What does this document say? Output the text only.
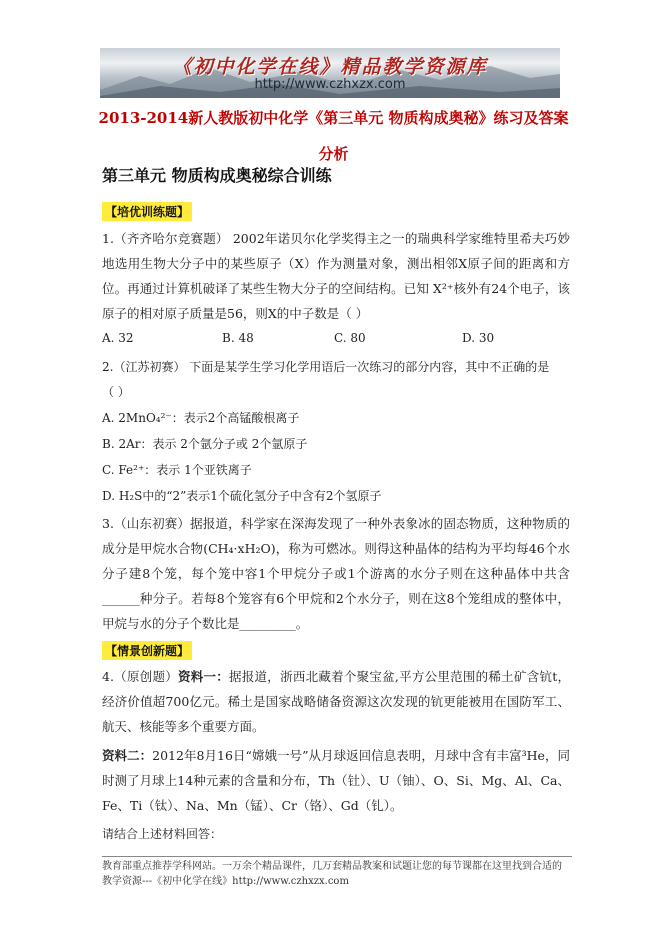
《初中化学在线》精品教学资源库
http://www.czhxzx.com
2013-2014新人教版初中化学《第三单元 物质构成奥秘》练习及答案分析
第三单元 物质构成奥秘综合训练
【培优训练题】
1.（齐齐哈尔竞赛题） 2002年诺贝尔化学奖得主之一的瑞典科学家维特里希夫巧妙地选用生物大分子中的某些原子（X）作为测量对象，测出相邻X原子间的距离和方位。再通过计算机破译了某些生物大分子的空间结构。已知 X²⁺核外有24个电子，该原子的相对原子质量是56，则X的中子数是（ ）
A. 32	B. 48	C. 80	D. 30
2.（江苏初赛） 下面是某学生学习化学用语后一次练习的部分内容，其中不正确的是
（ ）
A. 2MnO₄²⁻：表示2个高锰酸根离子
B. 2Ar：表示 2个氩分子或 2个氩原子
C. Fe²⁺：表示 1个亚铁离子
D. H₂S中的“2”表示1个硫化氢分子中含有2个氢原子
3.（山东初赛）据报道，科学家在深海发现了一种外表象冰的固态物质，这种物质的成分是甲烷水合物(CH₄·xH₂O)，称为可燃冰。则得这种晶体的结构为平均每46个水分子建8个笼，每个笼中容1个甲烷分子或1个游离的水分子则在这种晶体中共含______种分子。若每8个笼容有6个甲烷和2个水分子，则在这8个笼组成的整体中，甲烷与水的分子个数比是_________。
【情景创新题】
4.（原创题）资料一：据报道，浙西北藏着个聚宝盆,平方公里范围的稀土矿含钪t，经济价值超700亿元。稀土是国家战略储备资源这次发现的钪更能被用在国防军工、航天、核能等多个重要方面。
资料二：2012年8月16日“嫦娥一号”从月球返回信息表明，月球中含有丰富³He，同时测了月球上14种元素的含量和分布，Th（钍）、U（铀）、O、Si、Mg、Al、Ca、Fe、Ti（钛）、Na、Mn（锰）、Cr（铬）、Gd（钆）。
请结合上述材料回答：
教育部重点推荐学科网站。一万余个精品课件，几万套精品教案和试题让您的每节课都在这里找到合适的
教学资源---《初中化学在线》http://www.czhxzx.com
